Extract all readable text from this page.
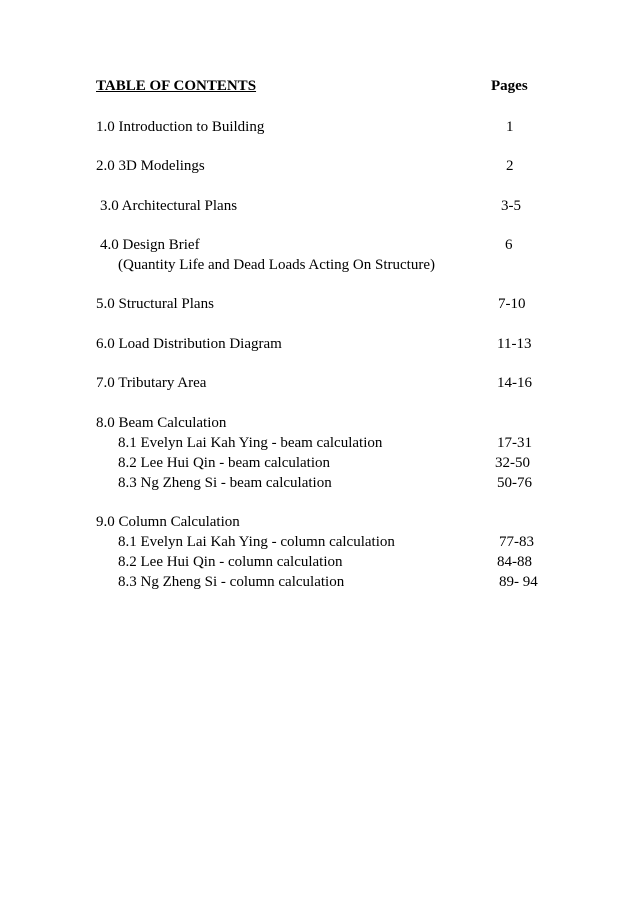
TABLE OF CONTENTS	Pages
1.0 Introduction to Building	1
2.0 3D Modelings	2
3.0 Architectural Plans	3-5
4.0 Design Brief	6
(Quantity Life and Dead Loads Acting On Structure)
5.0 Structural Plans	7-10
6.0 Load Distribution Diagram	11-13
7.0 Tributary Area	14-16
8.0 Beam Calculation
8.1 Evelyn Lai Kah Ying - beam calculation	17-31
8.2 Lee Hui Qin - beam calculation	32-50
8.3 Ng Zheng Si - beam calculation	50-76
9.0 Column Calculation
8.1 Evelyn Lai Kah Ying - column calculation	77-83
8.2 Lee Hui Qin - column calculation	84-88
8.3 Ng Zheng Si - column calculation	89- 94
